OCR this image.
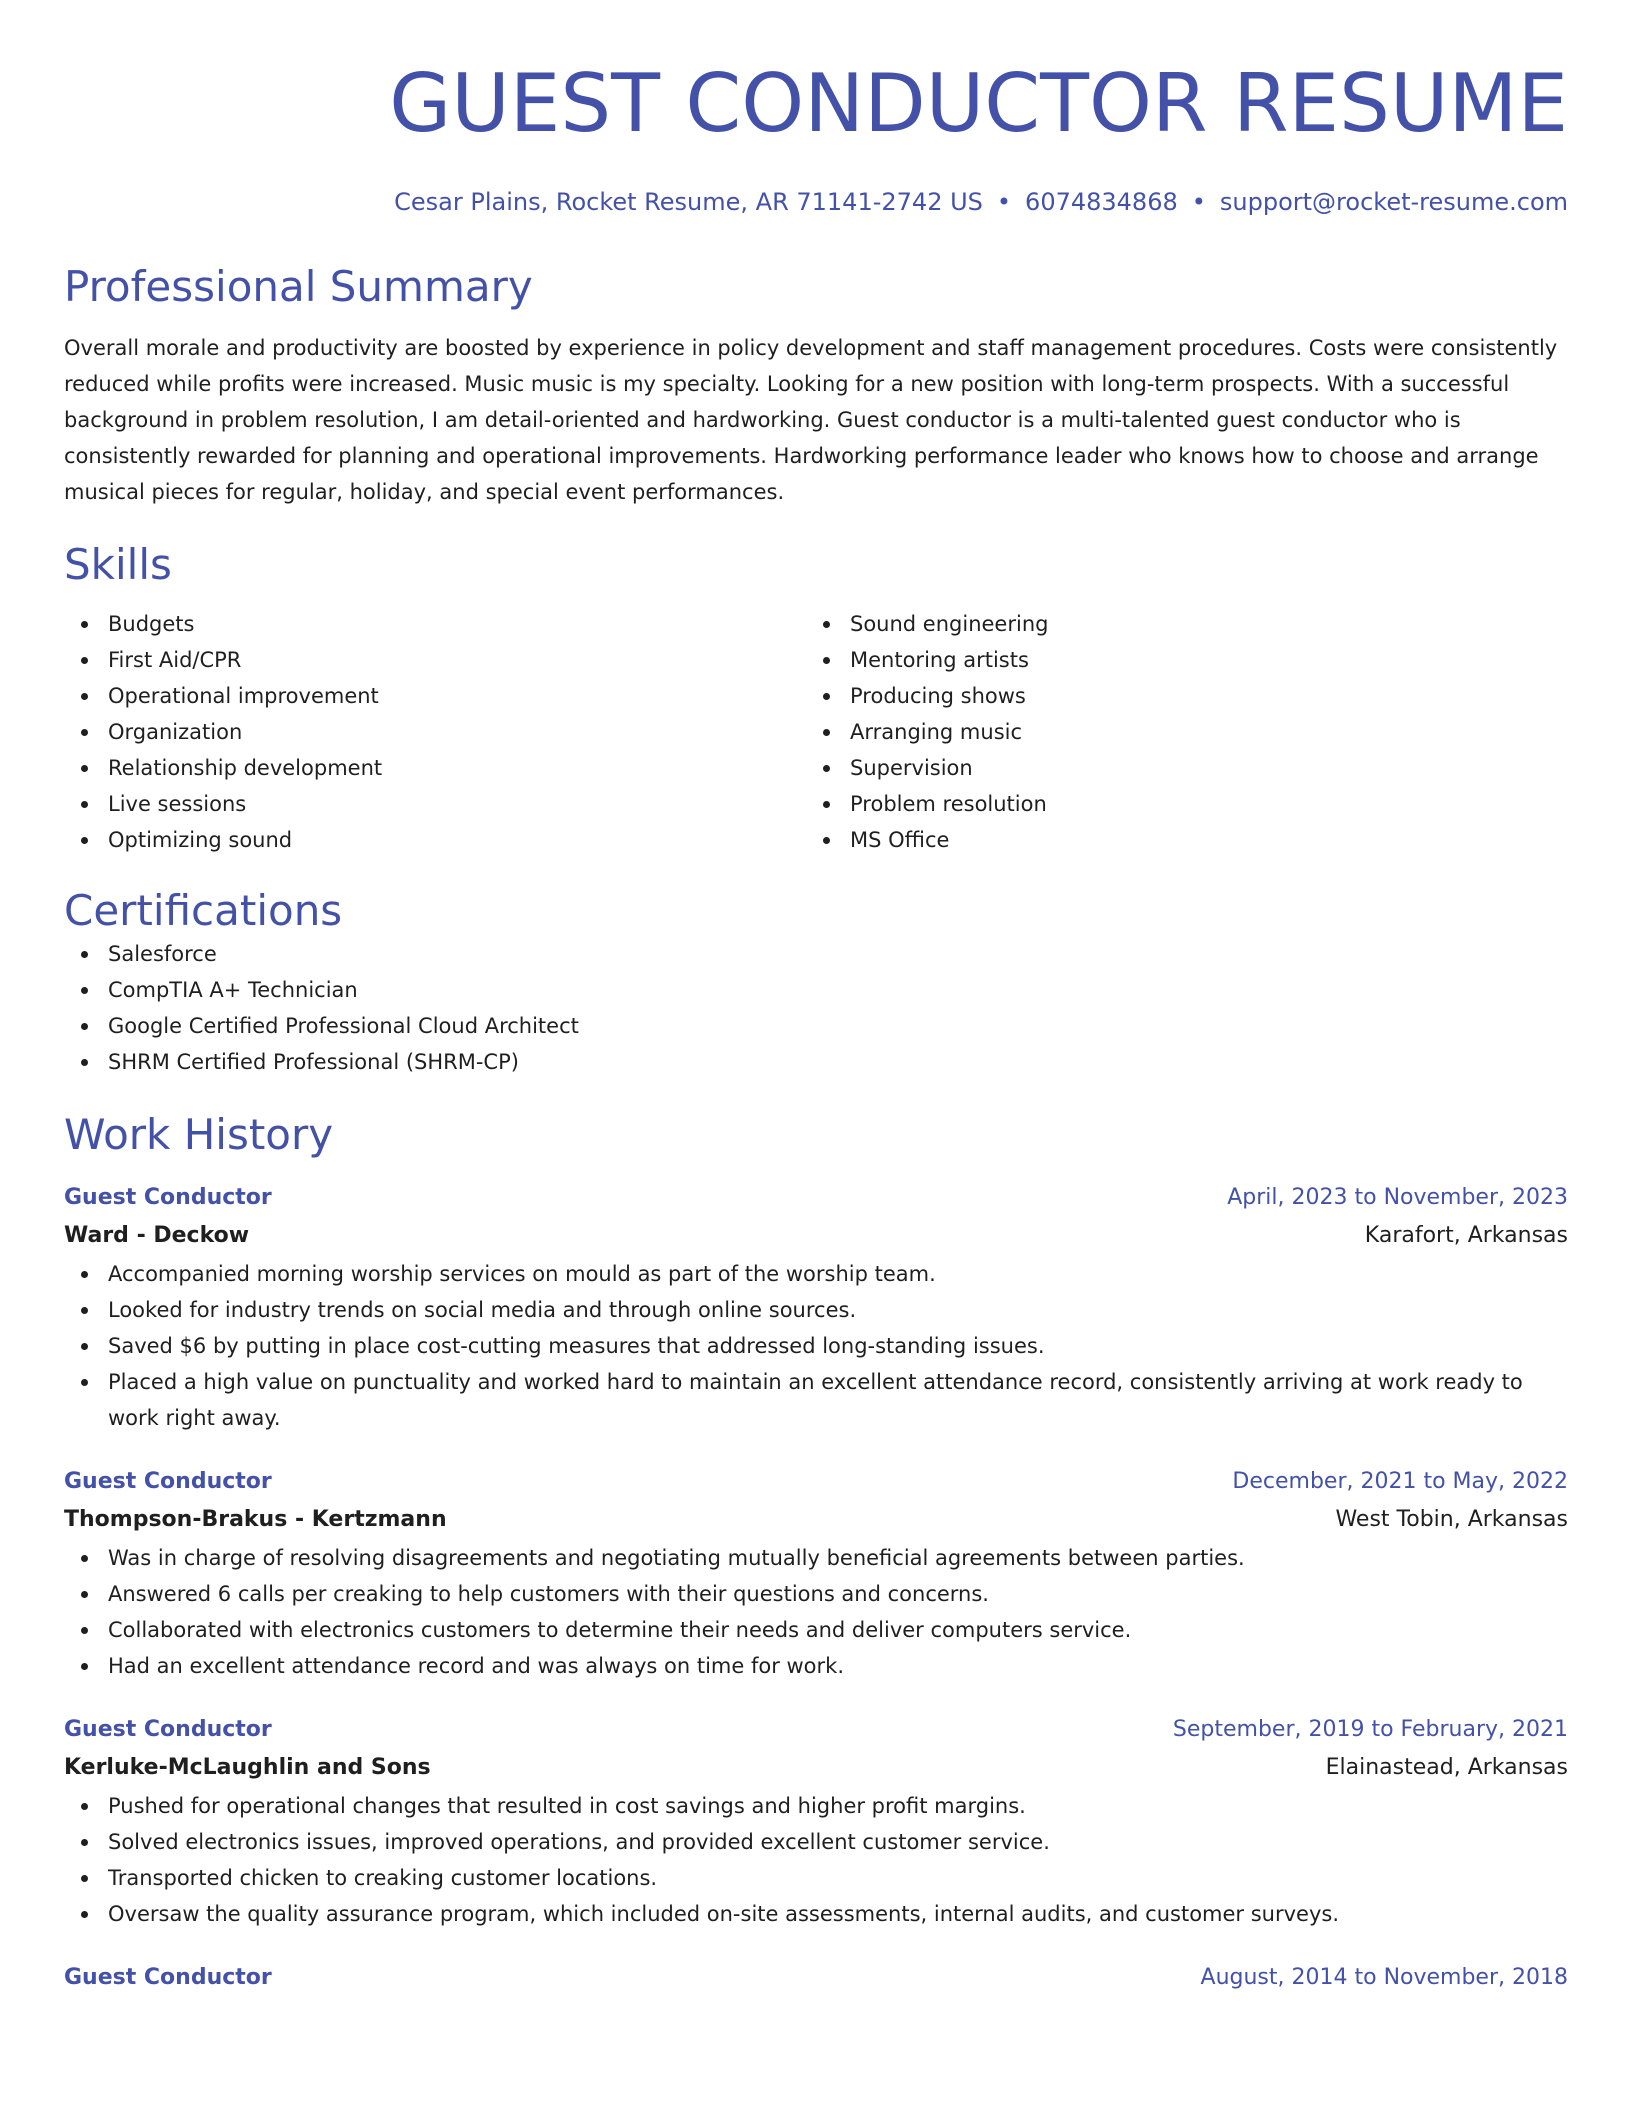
GUEST CONDUCTOR RESUME
Cesar Plains, Rocket Resume, AR 71141-2742 US • 6074834868 • support@rocket-resume.com
Professional Summary
Overall morale and productivity are boosted by experience in policy development and staff management procedures. Costs were consistently reduced while profits were increased. Music music is my specialty. Looking for a new position with long-term prospects. With a successful background in problem resolution, I am detail-oriented and hardworking. Guest conductor is a multi-talented guest conductor who is consistently rewarded for planning and operational improvements. Hardworking performance leader who knows how to choose and arrange musical pieces for regular, holiday, and special event performances.
Skills
Budgets
First Aid/CPR
Operational improvement
Organization
Relationship development
Live sessions
Optimizing sound
Sound engineering
Mentoring artists
Producing shows
Arranging music
Supervision
Problem resolution
MS Office
Certifications
Salesforce
CompTIA A+ Technician
Google Certified Professional Cloud Architect
SHRM Certified Professional (SHRM-CP)
Work History
Guest Conductor	April, 2023 to November, 2023
Ward - Deckow	Karafort, Arkansas
Accompanied morning worship services on mould as part of the worship team.
Looked for industry trends on social media and through online sources.
Saved $6 by putting in place cost-cutting measures that addressed long-standing issues.
Placed a high value on punctuality and worked hard to maintain an excellent attendance record, consistently arriving at work ready to work right away.
Guest Conductor	December, 2021 to May, 2022
Thompson-Brakus - Kertzmann	West Tobin, Arkansas
Was in charge of resolving disagreements and negotiating mutually beneficial agreements between parties.
Answered 6 calls per creaking to help customers with their questions and concerns.
Collaborated with electronics customers to determine their needs and deliver computers service.
Had an excellent attendance record and was always on time for work.
Guest Conductor	September, 2019 to February, 2021
Kerluke-McLaughlin and Sons	Elainastead, Arkansas
Pushed for operational changes that resulted in cost savings and higher profit margins.
Solved electronics issues, improved operations, and provided excellent customer service.
Transported chicken to creaking customer locations.
Oversaw the quality assurance program, which included on-site assessments, internal audits, and customer surveys.
Guest Conductor	August, 2014 to November, 2018
